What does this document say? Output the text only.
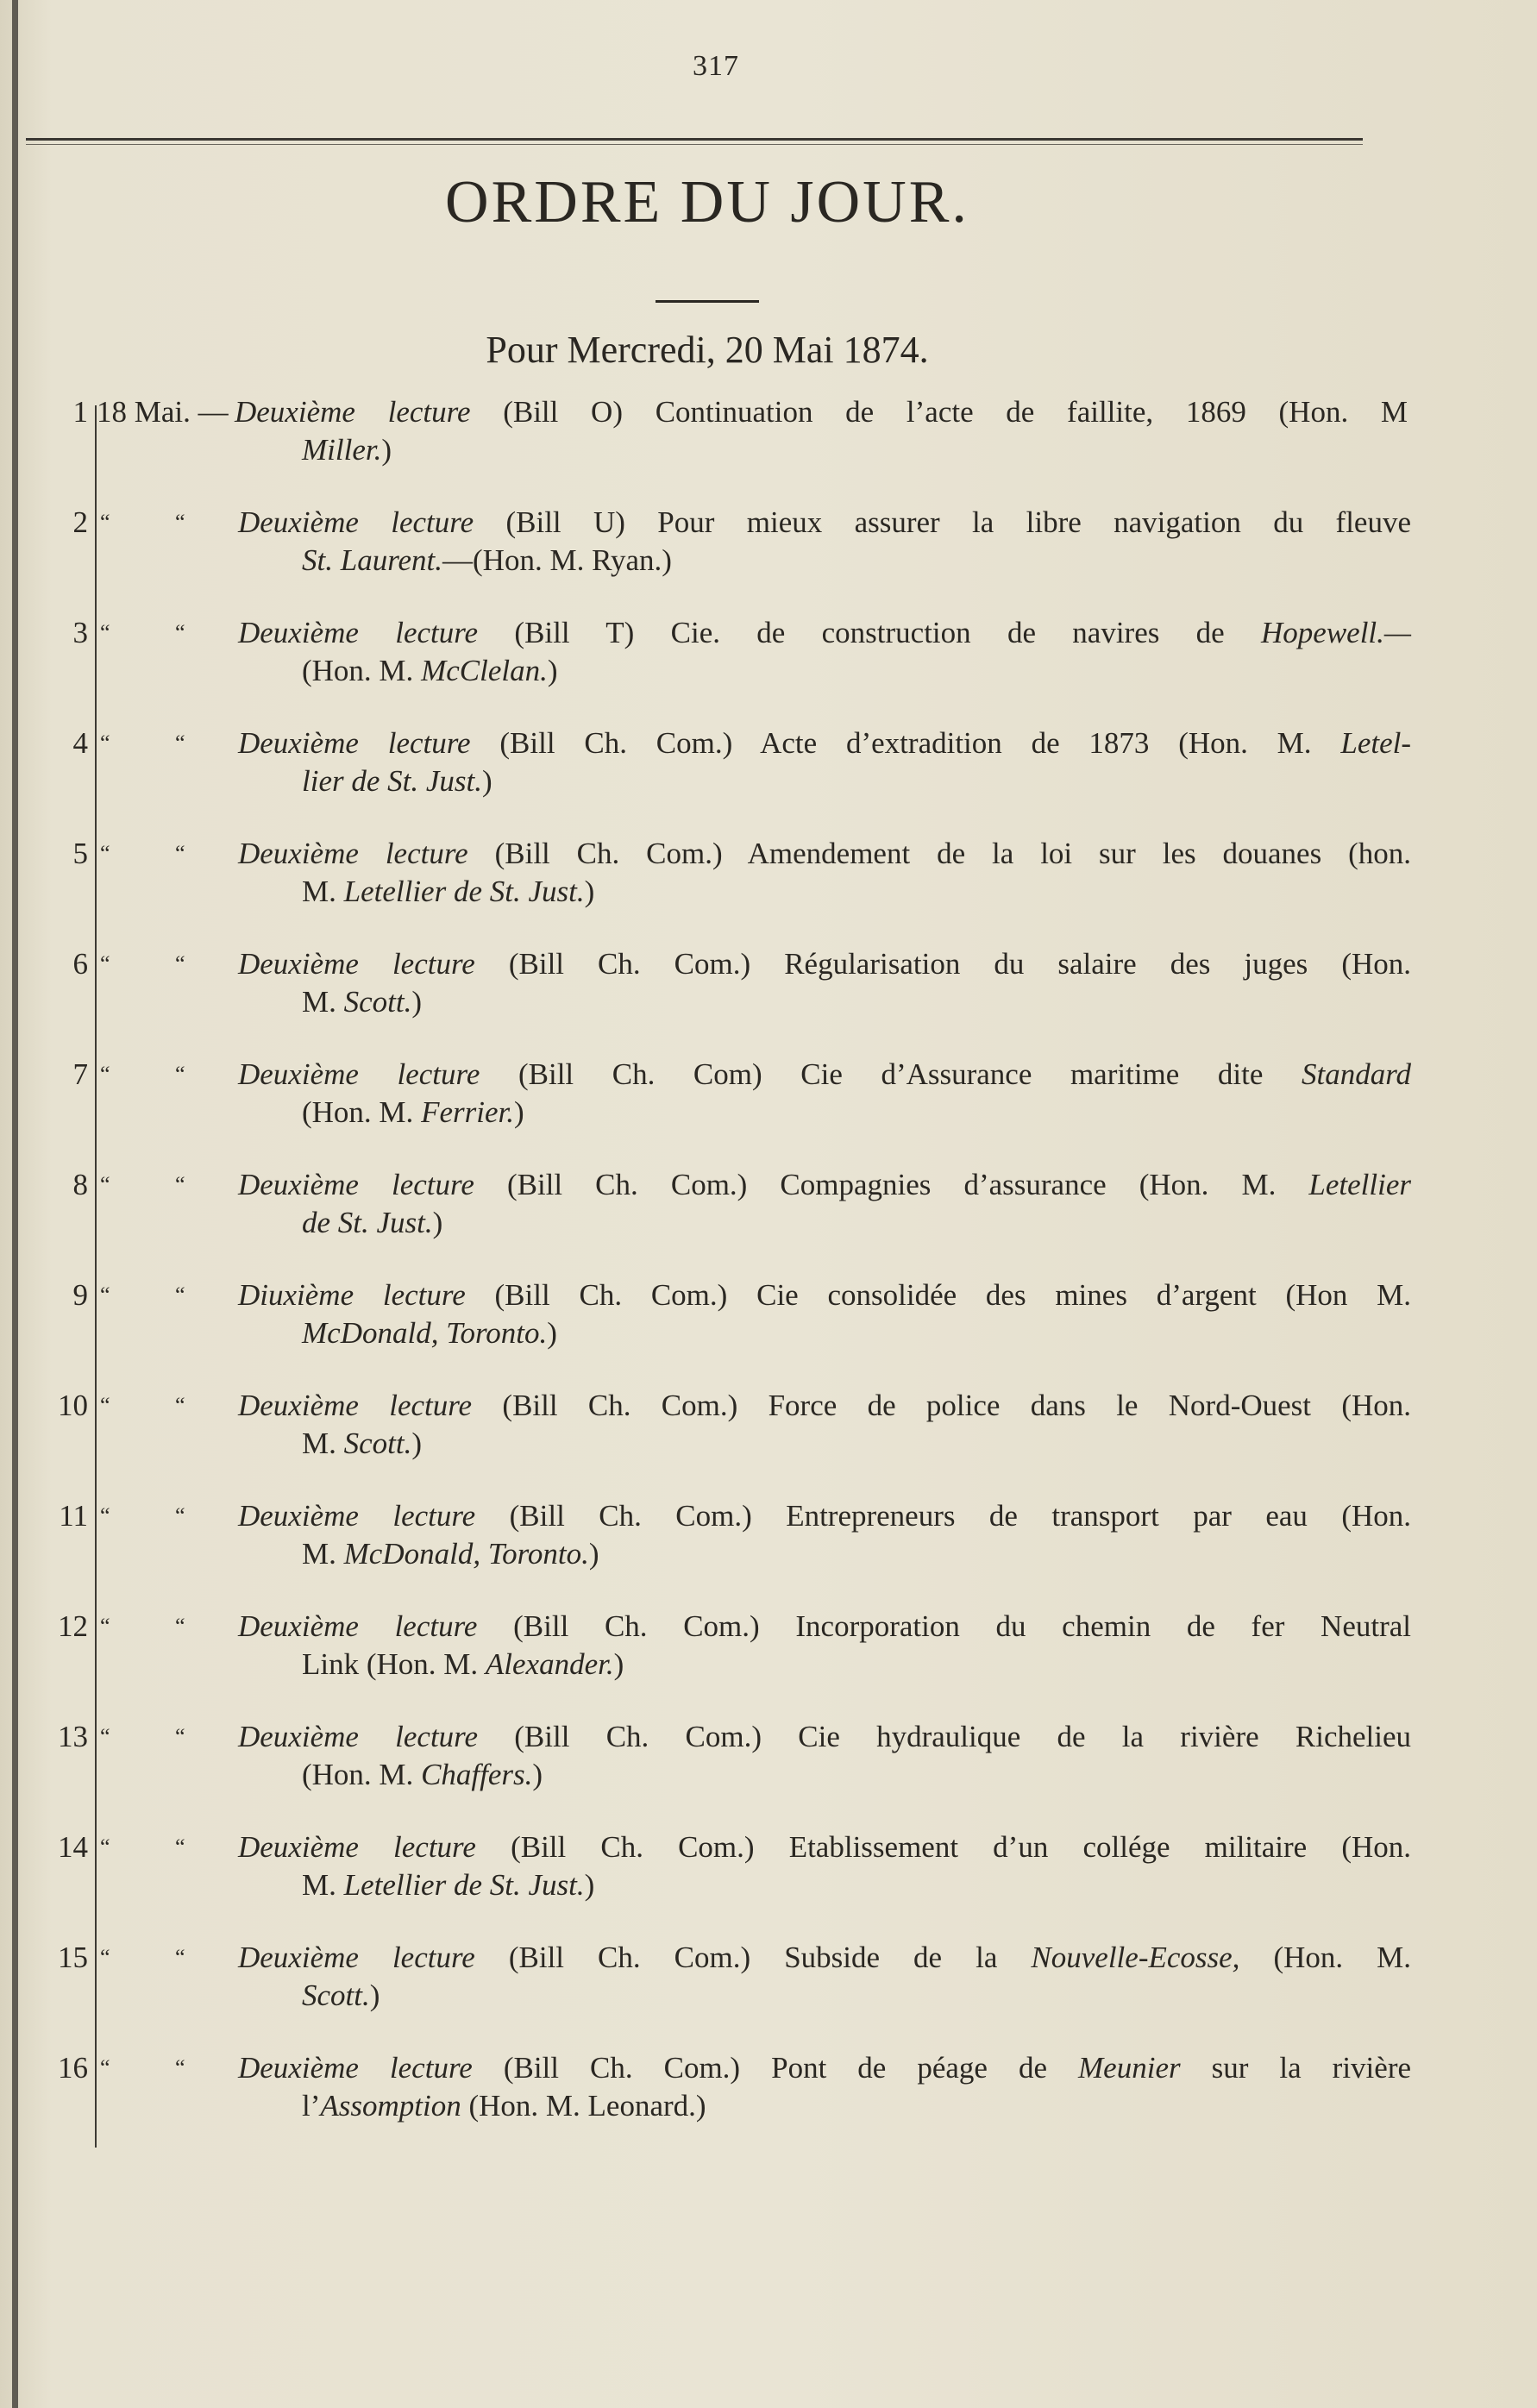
317
ORDRE DU JOUR.
Pour Mercredi, 20 Mai 1874.
1 18 Mai. — Deuxième lecture (Bill O) Continuation de l’acte de faillite, 1869 (Hon. M
Miller.)
2 “	“ Deuxième lecture (Bill U) Pour mieux assurer la libre navigation du fleuve
St. Laurent.—(Hon. M. Ryan.)
3 “	“ Deuxième lecture (Bill T) Cie. de construction de navires de Hopewell.—
(Hon. M. McClelan.)
4 “	“ Deuxième lecture (Bill Ch. Com.) Acte d’extradition de 1873 (Hon. M. Letel-
lier de St. Just.)
5 “	“ Deuxième lecture (Bill Ch. Com.) Amendement de la loi sur les douanes (hon.
M. Letellier de St. Just.)
6 “	“ Deuxième lecture (Bill Ch. Com.) Régularisation du salaire des juges (Hon.
M. Scott.)
7 “	“ Deuxième lecture (Bill Ch. Com) Cie d’Assurance maritime dite Standard
(Hon. M. Ferrier.)
8 “	“ Deuxième lecture (Bill Ch. Com.) Compagnies d’assurance (Hon. M. Letellier
de St. Just.)
9 “	“ Diuxième lecture (Bill Ch. Com.) Cie consolidée des mines d’argent (Hon M.
McDonald, Toronto.)
10 “	“ Deuxième lecture (Bill Ch. Com.) Force de police dans le Nord-Ouest (Hon.
M. Scott.)
11 “	“ Deuxième lecture (Bill Ch. Com.) Entrepreneurs de transport par eau (Hon.
M. McDonald, Toronto.)
12 “	“ Deuxième lecture (Bill Ch. Com.) Incorporation du chemin de fer Neutral
Link (Hon. M. Alexander.)
13 “	“ Deuxième lecture (Bill Ch. Com.) Cie hydraulique de la rivière Richelieu
(Hon. M. Chaffers.)
14 “	“ Deuxième lecture (Bill Ch. Com.) Etablissement d’un collége militaire (Hon.
M. Letellier de St. Just.)
15 “	“ Deuxième lecture (Bill Ch. Com.) Subside de la Nouvelle-Ecosse, (Hon. M.
Scott.)
16 “	“ Deuxième lecture (Bill Ch. Com.) Pont de péage de Meunier sur la rivière
l’Assomption (Hon. M. Leonard.)
